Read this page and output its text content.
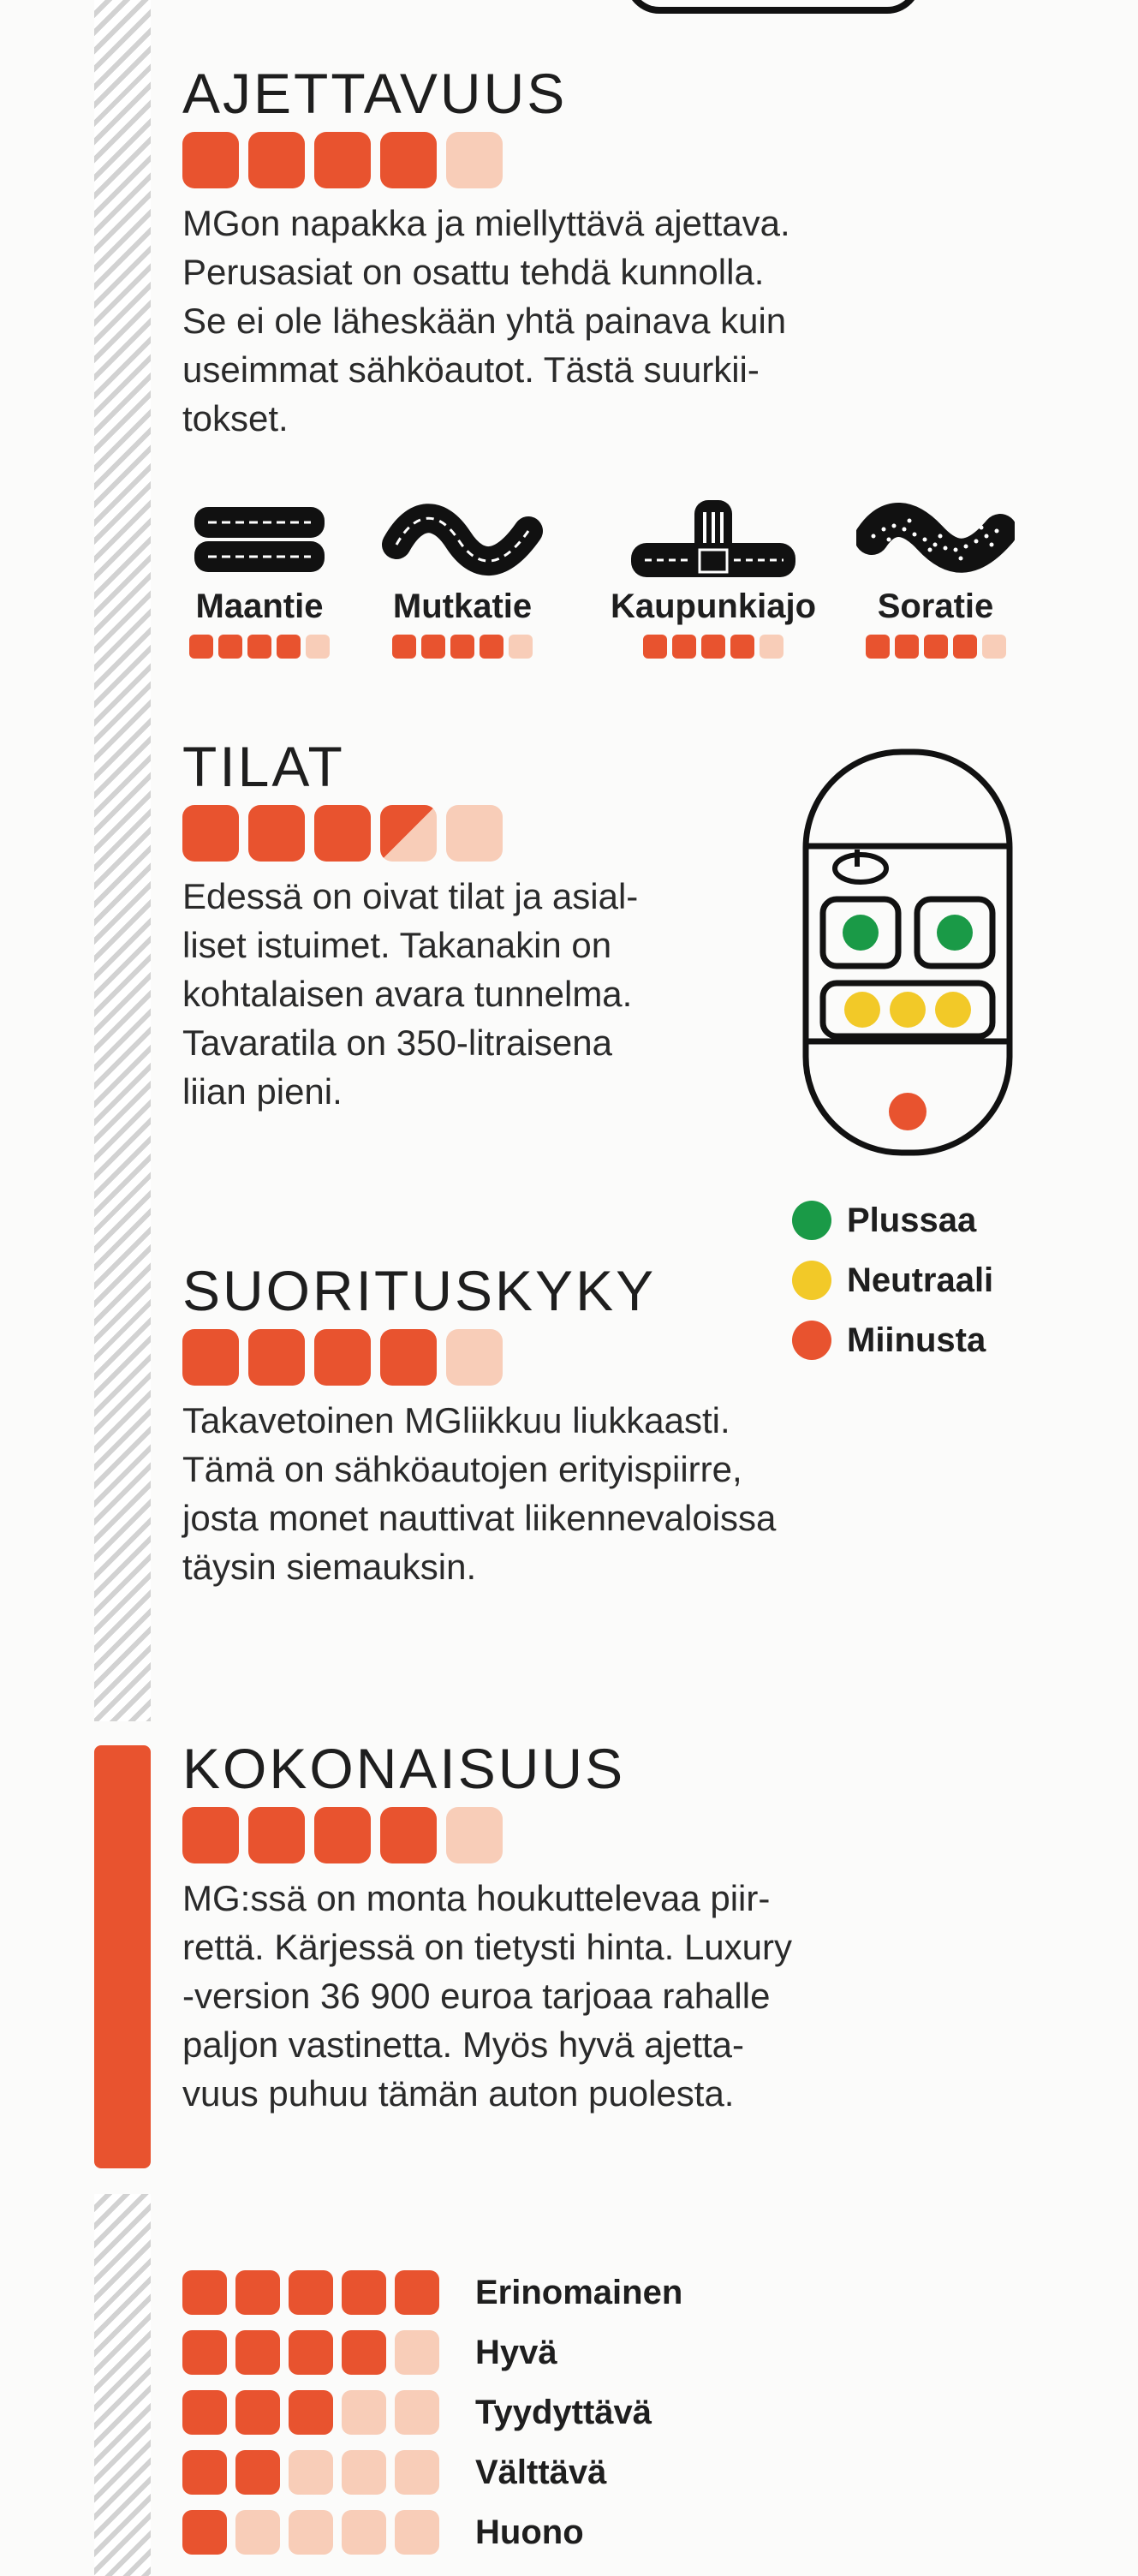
AJETTAVUUS

MGon napakka ja miellyttävä ajettava.
Perusasiat on osattu tehdä kunnolla.
Se ei ole läheskään yhtä painava kuin
useimmat sähköautot. Tästä suurkii-
tokset.

Maantie	Mutkatie	Kaupunkiajo	Soratie
TILAT

Edessä on oivat tilat ja asial-
liset istuimet. Takanakin on
kohtalaisen avara tunnelma.
Tavaratila on 350-litraisena
liian pieni.

Plussaa
Neutraali
Miinusta
SUORITUSKYKY

Takavetoinen MGliikkuu liukkaasti.
Tämä on sähköautojen erityispiirre,
josta monet nauttivat liikennevaloissa
täysin siemauksin.

KOKONAISUUS

MG:ssä on monta houkuttelevaa piir-
rettä. Kärjessä on tietysti hinta. Luxury
-version 36 900 euroa tarjoaa rahalle
paljon vastinetta. Myös hyvä ajetta-
vuus puhuu tämän auton puolesta.

Erinomainen
Hyvä
Tyydyttävä
Välttävä
Huono
